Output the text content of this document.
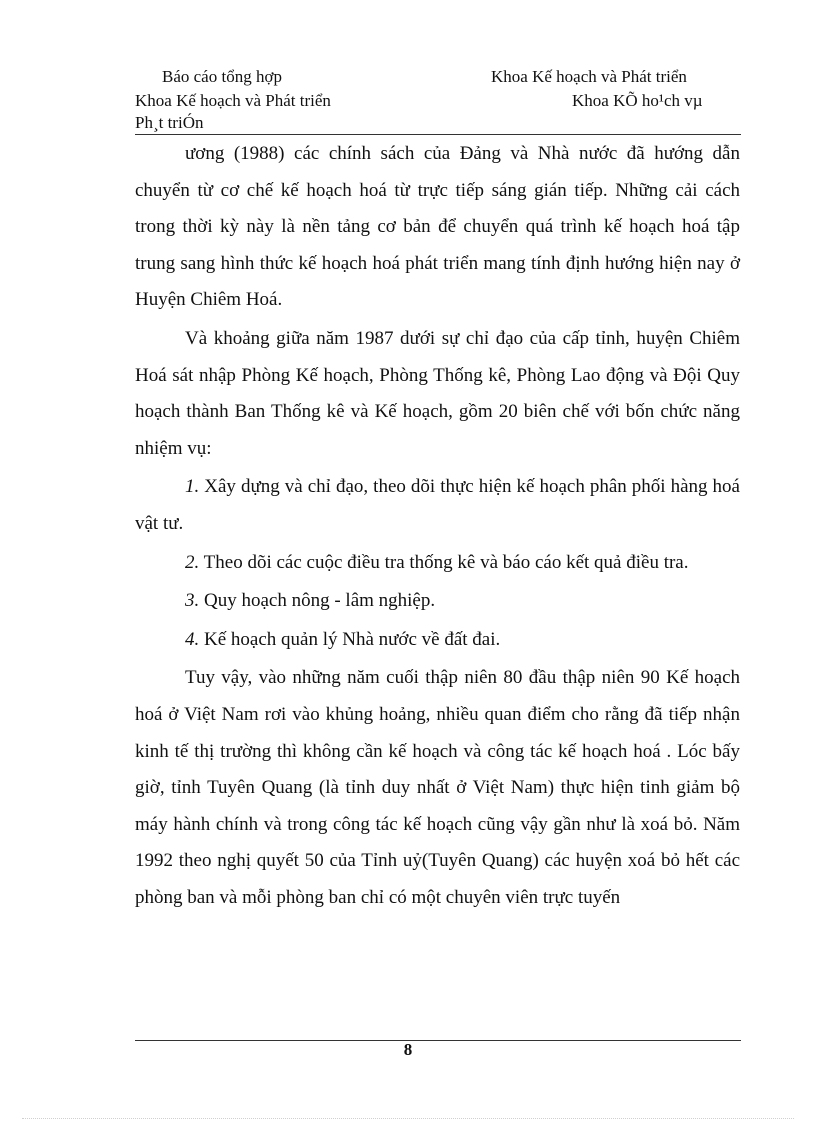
Báo cáo tổng hợp	Khoa Kế hoạch và Phát triển
Khoa Kế hoạch và Phát triển	Khoa KÕ ho¹ch vµ
Ph¸t triÓn

ương (1988) các chính sách của Đảng và Nhà nước đã hướng dẫn chuyển từ cơ chế kế hoạch hoá từ trực tiếp sáng gián tiếp. Những cải cách trong thời kỳ này là nền tảng cơ bản để chuyển quá trình kế hoạch hoá tập trung sang hình thức kế hoạch hoá phát triển mang tính định hướng hiện nay ở Huyện Chiêm Hoá.

Và khoảng giữa năm 1987 dưới sự chỉ đạo của cấp tỉnh, huyện Chiêm Hoá sát nhập Phòng Kế hoạch, Phòng Thống kê, Phòng Lao động và Đội Quy hoạch thành Ban Thống kê và Kế hoạch, gồm 20 biên chế với bốn chức năng nhiệm vụ:

1. Xây dựng và chỉ đạo, theo dõi thực hiện kế hoạch phân phối hàng hoá vật tư.

2. Theo dõi các cuộc điều tra thống kê và báo cáo kết quả điều tra.

3. Quy hoạch nông - lâm nghiệp.

4. Kế hoạch quản lý Nhà nước về đất đai.

Tuy vậy, vào những năm cuối thập niên 80 đầu thập niên 90 Kế hoạch hoá ở Việt Nam rơi vào khủng hoảng, nhiều quan điểm cho rằng đã tiếp nhận kinh tế thị trường thì không cần kế hoạch và công tác kế hoạch hoá . Lóc bấy giờ, tỉnh Tuyên Quang (là tỉnh duy nhất ở Việt Nam) thực hiện tinh giảm bộ máy hành chính và trong công tác kế hoạch cũng vậy gần như là xoá bỏ. Năm 1992 theo nghị quyết 50 của Tỉnh uỷ(Tuyên Quang) các huyện xoá bỏ hết các phòng ban và mỗi phòng ban chỉ có một chuyên viên trực tuyến

8
